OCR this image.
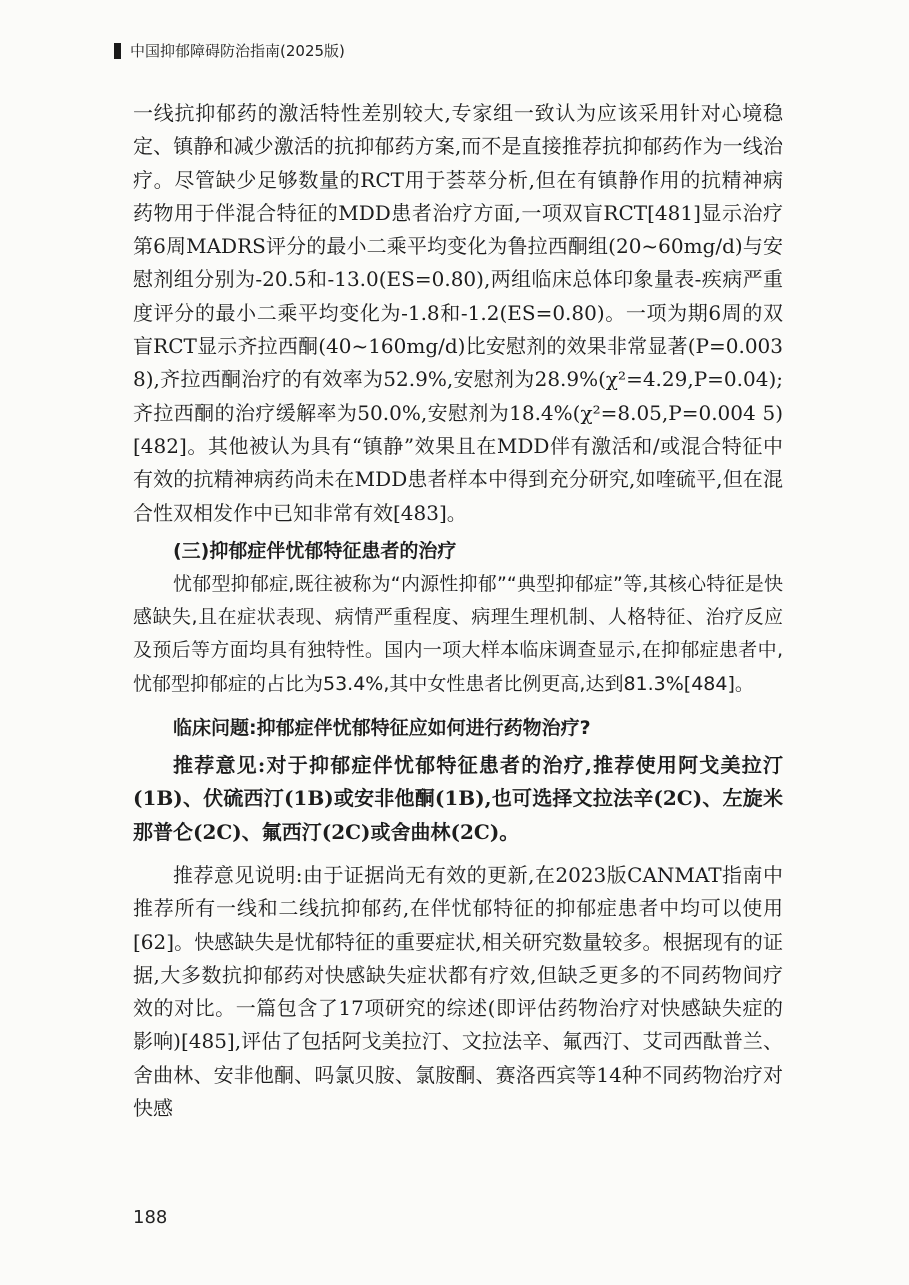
中国抑郁障碍防治指南(2025版)

一线抗抑郁药的激活特性差别较大,专家组一致认为应该采用针对心境稳定、镇静和减少激活的抗抑郁药方案,而不是直接推荐抗抑郁药作为一线治疗。尽管缺少足够数量的RCT用于荟萃分析,但在有镇静作用的抗精神病药物用于伴混合特征的MDD患者治疗方面,一项双盲RCT[481]显示治疗第6周MADRS评分的最小二乘平均变化为鲁拉西酮组(20~60mg/d)与安慰剂组分别为-20.5和-13.0(ES=0.80),两组临床总体印象量表-疾病严重度评分的最小二乘平均变化为-1.8和-1.2(ES=0.80)。一项为期6周的双盲RCT显示齐拉西酮(40~160mg/d)比安慰剂的效果非常显著(P=0.003 8),齐拉西酮治疗的有效率为52.9%,安慰剂为28.9%(χ²=4.29,P=0.04);齐拉西酮的治疗缓解率为50.0%,安慰剂为18.4%(χ²=8.05,P=0.004 5)[482]。其他被认为具有“镇静”效果且在MDD伴有激活和/或混合特征中有效的抗精神病药尚未在MDD患者样本中得到充分研究,如喹硫平,但在混合性双相发作中已知非常有效[483]。

(三)抑郁症伴忧郁特征患者的治疗

忧郁型抑郁症,既往被称为“内源性抑郁”“典型抑郁症”等,其核心特征是快感缺失,且在症状表现、病情严重程度、病理生理机制、人格特征、治疗反应及预后等方面均具有独特性。国内一项大样本临床调查显示,在抑郁症患者中,忧郁型抑郁症的占比为53.4%,其中女性患者比例更高,达到81.3%[484]。

临床问题:抑郁症伴忧郁特征应如何进行药物治疗?

推荐意见:对于抑郁症伴忧郁特征患者的治疗,推荐使用阿戈美拉汀(1B)、伏硫西汀(1B)或安非他酮(1B),也可选择文拉法辛(2C)、左旋米那普仑(2C)、氟西汀(2C)或舍曲林(2C)。

推荐意见说明:由于证据尚无有效的更新,在2023版CANMAT指南中推荐所有一线和二线抗抑郁药,在伴忧郁特征的抑郁症患者中均可以使用[62]。快感缺失是忧郁特征的重要症状,相关研究数量较多。根据现有的证据,大多数抗抑郁药对快感缺失症状都有疗效,但缺乏更多的不同药物间疗效的对比。一篇包含了17项研究的综述(即评估药物治疗对快感缺失症的影响)[485],评估了包括阿戈美拉汀、文拉法辛、氟西汀、艾司西酞普兰、舍曲林、安非他酮、吗氯贝胺、氯胺酮、赛洛西宾等14种不同药物治疗对快感

188
